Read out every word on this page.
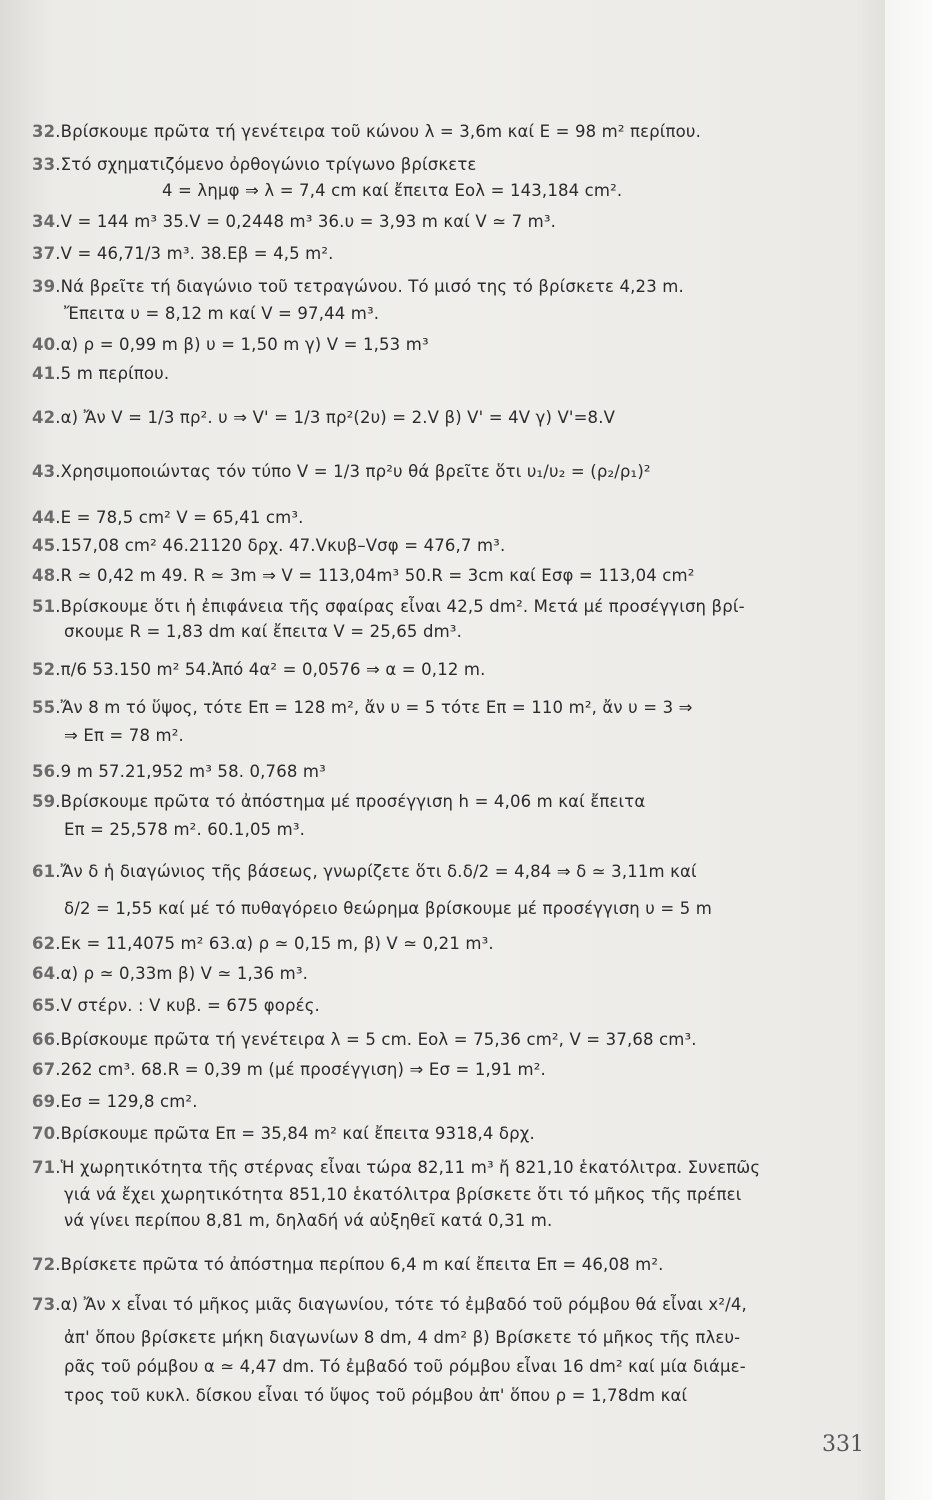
32.Βρίσκουμε πρῶτα τή γενέτειρα τοῦ κώνου λ = 3,6m καί E = 98 m² περίπου.
33.Στό σχηματιζόμενο ὀρθογώνιο τρίγωνο βρίσκετε
4 = λημφ ⇒ λ = 7,4 cm καί ἔπειτα Eολ = 143,184 cm².
34.V = 144 m³ 35.V = 0,2448 m³ 36.υ = 3,93 m καί V ≃ 7 m³.
37.V = 46,71/3 m³. 38.Eβ = 4,5 m².
39.Νά βρεῖτε τή διαγώνιο τοῦ τετραγώνου. Τό μισό της τό βρίσκετε 4,23 m.
Ἔπειτα υ = 8,12 m καί V = 97,44 m³.
40.α) ρ = 0,99 m β) υ = 1,50 m γ) V = 1,53 m³
41.5 m περίπου.
42.α) Ἄν V = 1/3 πρ². υ ⇒ V' = 1/3 πρ²(2υ) = 2.V β) V' = 4V γ) V'=8.V
43.Χρησιμοποιώντας τόν τύπο V = 1/3 πρ²υ θά βρεῖτε ὅτι υ₁/υ₂ = (ρ₂/ρ₁)²
44.E = 78,5 cm² V = 65,41 cm³.
45.157,08 cm² 46.21120 δρχ. 47.Vκυβ–Vσφ = 476,7 m³.
48.R ≃ 0,42 m 49. R ≃ 3m ⇒ V = 113,04m³ 50.R = 3cm καί Eσφ = 113,04 cm²
51.Βρίσκουμε ὅτι ἡ ἐπιφάνεια τῆς σφαίρας εἶναι 42,5 dm². Μετά μέ προσέγγιση βρί-
σκουμε R = 1,83 dm καί ἔπειτα V = 25,65 dm³.
52.π/6 53.150 m² 54.Ἀπό 4α² = 0,0576 ⇒ α = 0,12 m.
55.Ἄν 8 m τό ὕψος, τότε Eπ = 128 m², ἄν υ = 5 τότε Eπ = 110 m², ἄν υ = 3 ⇒
⇒ Eπ = 78 m².
56.9 m 57.21,952 m³ 58. 0,768 m³
59.Βρίσκουμε πρῶτα τό ἀπόστημα μέ προσέγγιση h = 4,06 m καί ἔπειτα
Eπ = 25,578 m². 60.1,05 m³.
61.Ἄν δ ἡ διαγώνιος τῆς βάσεως, γνωρίζετε ὅτι δ.δ/2 = 4,84 ⇒ δ ≃ 3,11m καί
δ/2 = 1,55 καί μέ τό πυθαγόρειο θεώρημα βρίσκουμε μέ προσέγγιση υ = 5 m
62.Eκ = 11,4075 m² 63.α) ρ ≃ 0,15 m, β) V ≃ 0,21 m³.
64.α) ρ ≃ 0,33m β) V ≃ 1,36 m³.
65.V στέρν. : V κυβ. = 675 φορές.
66.Βρίσκουμε πρῶτα τή γενέτειρα λ = 5 cm. Eολ = 75,36 cm², V = 37,68 cm³.
67.262 cm³. 68.R = 0,39 m (μέ προσέγγιση) ⇒ Eσ = 1,91 m².
69.Eσ = 129,8 cm².
70.Βρίσκουμε πρῶτα Eπ = 35,84 m² καί ἔπειτα 9318,4 δρχ.
71.Ἡ χωρητικότητα τῆς στέρνας εἶναι τώρα 82,11 m³ ἤ 821,10 ἑκατόλιτρα. Συνεπῶς
γιά νά ἔχει χωρητικότητα 851,10 ἑκατόλιτρα βρίσκετε ὅτι τό μῆκος τῆς πρέπει
νά γίνει περίπου 8,81 m, δηλαδή νά αὐξηθεῖ κατά 0,31 m.
72.Βρίσκετε πρῶτα τό ἀπόστημα περίπου 6,4 m καί ἔπειτα Eπ = 46,08 m².
73.α) Ἄν x εἶναι τό μῆκος μιᾶς διαγωνίου, τότε τό ἐμβαδό τοῦ ρόμβου θά εἶναι x²/4,
ἀπ' ὅπου βρίσκετε μήκη διαγωνίων 8 dm, 4 dm² β) Βρίσκετε τό μῆκος τῆς πλευ-
ρᾶς τοῦ ρόμβου α ≃ 4,47 dm. Τό ἐμβαδό τοῦ ρόμβου εἶναι 16 dm² καί μία διάμε-
τρος τοῦ κυκλ. δίσκου εἶναι τό ὕψος τοῦ ρόμβου ἀπ' ὅπου ρ = 1,78dm καί
331
